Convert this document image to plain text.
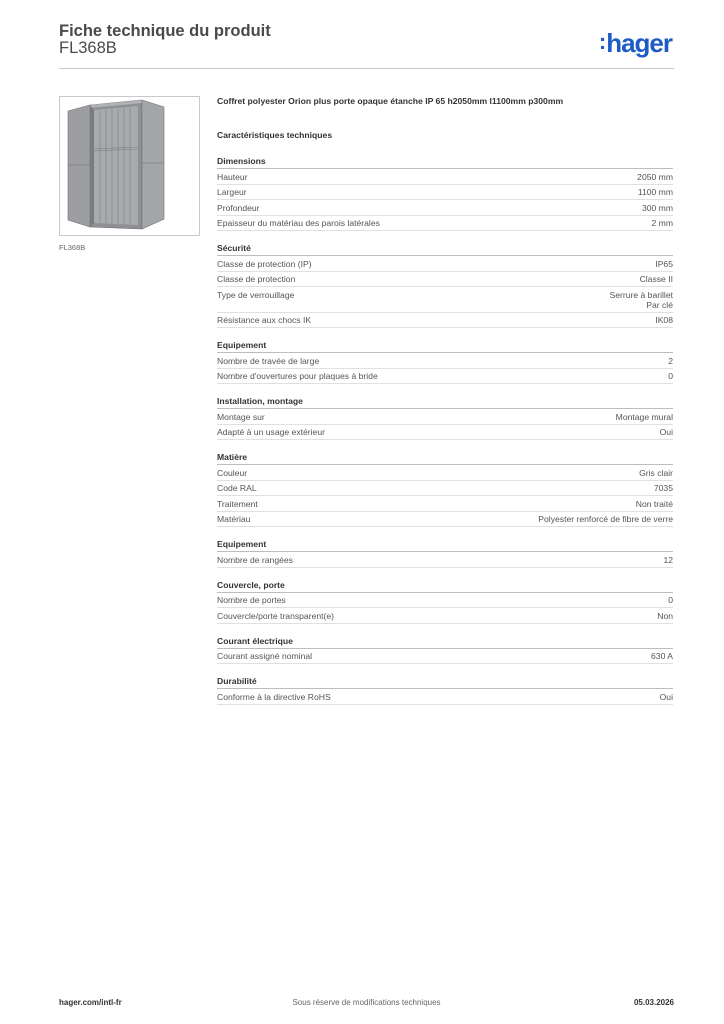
Fiche technique du produit
FL368B	:hager
FL368B
Coffret polyester Orion plus porte opaque étanche IP 65 h2050mm l1100mm p300mm
Caractéristiques techniques
Dimensions
Hauteur	2050 mm
Largeur	1100 mm
Profondeur	300 mm
Epaisseur du matériau des parois latérales	2 mm
Sécurité
Classe de protection (IP)	IP65
Classe de protection	Classe II
Type de verrouillage	Serrure à barillet
Par clé
Résistance aux chocs IK	IK08
Equipement
Nombre de travée de large	2
Nombre d'ouvertures pour plaques à bride	0
Installation, montage
Montage sur	Montage mural
Adapté à un usage extérieur	Oui
Matière
Couleur	Gris clair
Code RAL	7035
Traitement	Non traité
Matériau	Polyester renforcé de fibre de verre
Equipement
Nombre de rangées	12
Couvercle, porte
Nombre de portes	0
Couvercle/porte transparent(e)	Non
Courant électrique
Courant assigné nominal	630 A
Durabilité
Conforme à la directive RoHS	Oui
hager.com/intl-fr	Sous réserve de modifications techniques	05.03.2026
